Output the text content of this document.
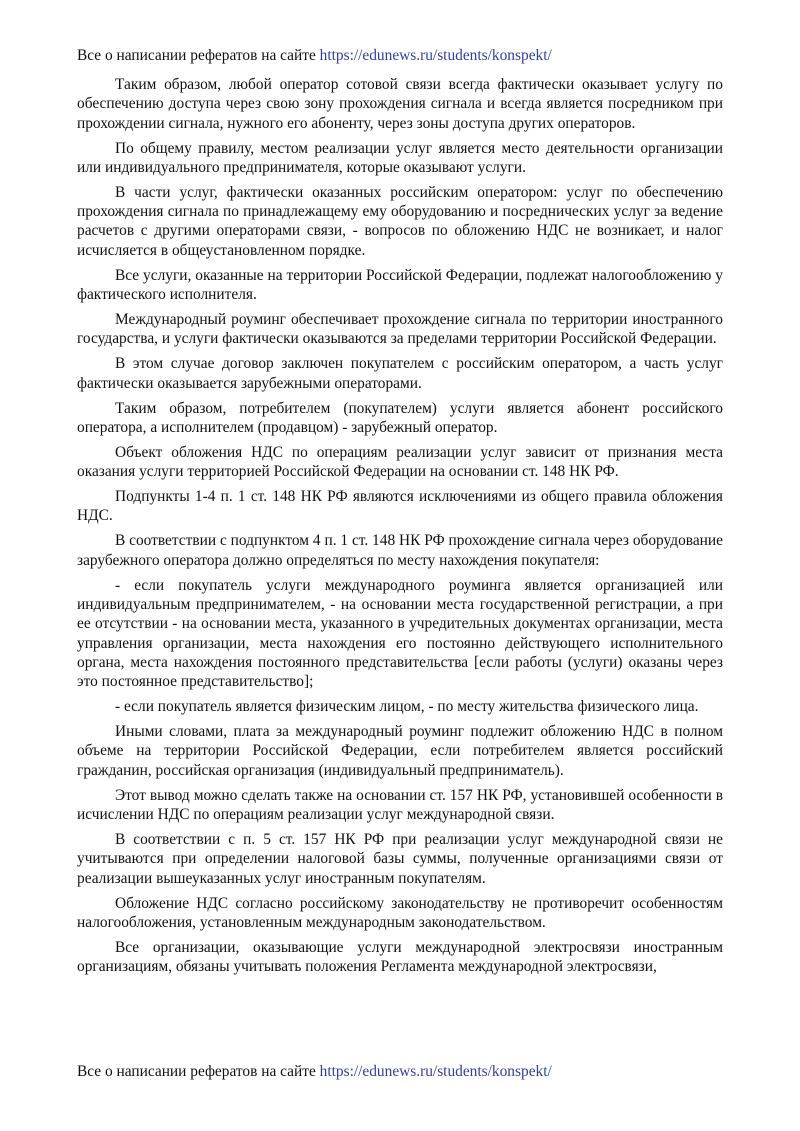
Все о написании рефератов на сайте https://edunews.ru/students/konspekt/

Таким образом, любой оператор сотовой связи всегда фактически оказывает услугу по обеспечению доступа через свою зону прохождения сигнала и всегда является посредником при прохождении сигнала, нужного его абоненту, через зоны доступа других операторов.

По общему правилу, местом реализации услуг является место деятельности организации или индивидуального предпринимателя, которые оказывают услуги.

В части услуг, фактически оказанных российским оператором: услуг по обеспечению прохождения сигнала по принадлежащему ему оборудованию и посреднических услуг за ведение расчетов с другими операторами связи, - вопросов по обложению НДС не возникает, и налог исчисляется в общеустановленном порядке.

Все услуги, оказанные на территории Российской Федерации, подлежат налогообложению у фактического исполнителя.

Международный роуминг обеспечивает прохождение сигнала по территории иностранного государства, и услуги фактически оказываются за пределами территории Российской Федерации.

В этом случае договор заключен покупателем с российским оператором, а часть услуг фактически оказывается зарубежными операторами.

Таким образом, потребителем (покупателем) услуги является абонент российского оператора, а исполнителем (продавцом) - зарубежный оператор.

Объект обложения НДС по операциям реализации услуг зависит от признания места оказания услуги территорией Российской Федерации на основании ст. 148 НК РФ.

Подпункты 1-4 п. 1 ст. 148 НК РФ являются исключениями из общего правила обложения НДС.

В соответствии с подпунктом 4 п. 1 ст. 148 НК РФ прохождение сигнала через оборудование зарубежного оператора должно определяться по месту нахождения покупателя:

- если покупатель услуги международного роуминга является организацией или индивидуальным предпринимателем, - на основании места государственной регистрации, а при ее отсутствии - на основании места, указанного в учредительных документах организации, места управления организации, места нахождения его постоянно действующего исполнительного органа, места нахождения постоянного представительства [если работы (услуги) оказаны через это постоянное представительство];

- если покупатель является физическим лицом, - по месту жительства физического лица.

Иными словами, плата за международный роуминг подлежит обложению НДС в полном объеме на территории Российской Федерации, если потребителем является российский гражданин, российская организация (индивидуальный предприниматель).

Этот вывод можно сделать также на основании ст. 157 НК РФ, установившей особенности в исчислении НДС по операциям реализации услуг международной связи.

В соответствии с п. 5 ст. 157 НК РФ при реализации услуг международной связи не учитываются при определении налоговой базы суммы, полученные организациями связи от реализации вышеуказанных услуг иностранным покупателям.

Обложение НДС согласно российскому законодательству не противоречит особенностям налогообложения, установленным международным законодательством.

Все организации, оказывающие услуги международной электросвязи иностранным организациям, обязаны учитывать положения Регламента международной электросвязи,

Все о написании рефератов на сайте https://edunews.ru/students/konspekt/
